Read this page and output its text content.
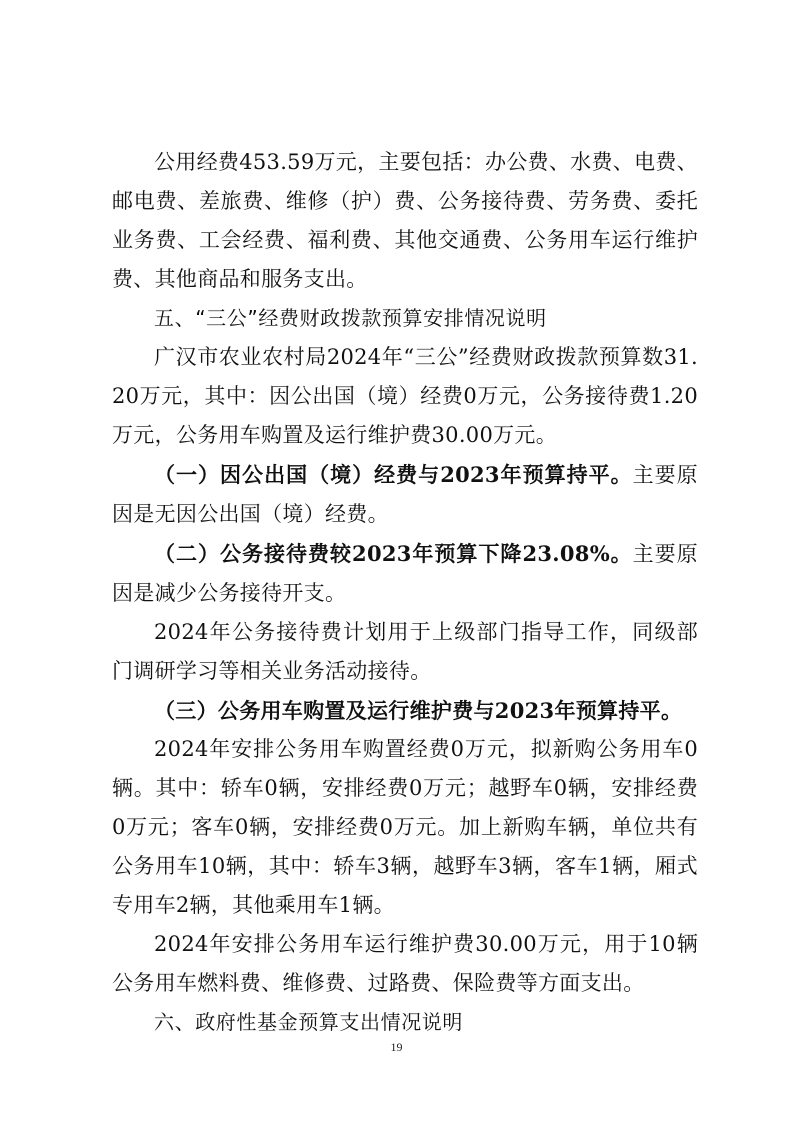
公用经费453.59万元，主要包括：办公费、水费、电费、邮电费、差旅费、维修（护）费、公务接待费、劳务费、委托业务费、工会经费、福利费、其他交通费、公务用车运行维护费、其他商品和服务支出。

五、“三公”经费财政拨款预算安排情况说明

广汉市农业农村局2024年“三公”经费财政拨款预算数31.20万元，其中：因公出国（境）经费0万元，公务接待费1.20万元，公务用车购置及运行维护费30.00万元。

（一）因公出国（境）经费与2023年预算持平。主要原因是无因公出国（境）经费。

（二）公务接待费较2023年预算下降23.08%。主要原因是减少公务接待开支。

2024年公务接待费计划用于上级部门指导工作，同级部门调研学习等相关业务活动接待。

（三）公务用车购置及运行维护费与2023年预算持平。

2024年安排公务用车购置经费0万元，拟新购公务用车0辆。其中：轿车0辆，安排经费0万元；越野车0辆，安排经费0万元；客车0辆，安排经费0万元。加上新购车辆，单位共有公务用车10辆，其中：轿车3辆，越野车3辆，客车1辆，厢式专用车2辆，其他乘用车1辆。

2024年安排公务用车运行维护费30.00万元，用于10辆公务用车燃料费、维修费、过路费、保险费等方面支出。

六、政府性基金预算支出情况说明

19
